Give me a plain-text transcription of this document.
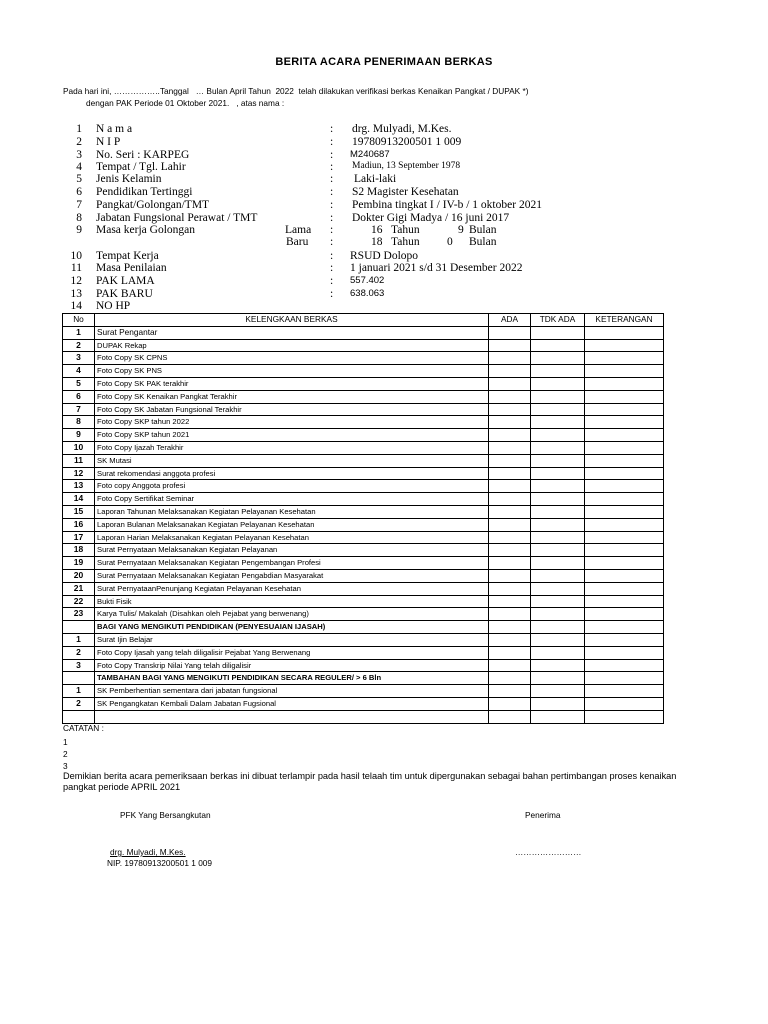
BERITA ACARA PENERIMAAN BERKAS
Pada hari ini, ……………..Tanggal   … Bulan April Tahun  2022  telah dilakukan verifikasi berkas Kenaikan Pangkat / DUPAK *)
dengan PAK Periode 01 Oktober 2021.   , atas nama :
1 N a m a	: drg. Mulyadi, M.Kes.
2 N I P	: 19780913200501 1 009
3 No. Seri : KARPEG	: M240687
4 Tempat / Tgl. Lahir	: Madiun, 13 September 1978
5 Jenis Kelamin	: Laki-laki
6 Pendidikan Tertinggi	: S2 Magister Kesehatan
7 Pangkat/Golongan/TMT	: Pembina tingkat I / IV-b / 1 oktober 2021
8 Jabatan Fungsional Perawat / TMT	: Dokter Gigi Madya / 16 juni 2017
9 Masa kerja Golongan	Lama :	16 Tahun	9 Bulan
Baru :	18 Tahun 0 Bulan
10 Tempat Kerja	: RSUD Dolopo
11 Masa Penilaian	: 1 januari 2021 s/d 31 Desember 2022
12 PAK LAMA	: 557.402
13 PAK BARU	: 638.063
14 NO HP
No	KELENGKAAN BERKAS	ADA	TDK ADA	KETERANGAN
1	Surat Pengantar			
2	DUPAK Rekap			
3	Foto Copy SK CPNS			
4	Foto Copy SK PNS			
5	Foto Copy SK PAK terakhir			
6	Foto Copy SK Kenaikan Pangkat Terakhir			
7	Foto Copy SK Jabatan Fungsional Terakhir			
8	Foto Copy SKP tahun 2022			
9	Foto Copy SKP tahun 2021			
10	Foto Copy Ijazah Terakhir			
11	SK Mutasi			
12	Surat rekomendasi anggota profesi			
13	Foto copy Anggota profesi			
14	Foto Copy Sertifikat Seminar			
15	Laporan Tahunan Melaksanakan Kegiatan Pelayanan Kesehatan			
16	Laporan Bulanan Melaksanakan Kegiatan Pelayanan Kesehatan			
17	Laporan Harian Melaksanakan Kegiatan Pelayanan Kesehatan			
18	Surat Pernyataan Melaksanakan Kegiatan Pelayanan			
19	Surat Pernyataan Melaksanakan Kegiatan Pengembangan Profesi			
20	Surat Pernyataan Melaksanakan Kegiatan Pengabdian Masyarakat			
21	Surat PernyataanPenunjang Kegiatan Pelayanan Kesehatan			
22	Bukti Fisik			
23	Karya Tulis/ Makalah (Disahkan oleh Pejabat yang berwenang)			
	BAGI YANG MENGIKUTI PENDIDIKAN (PENYESUAIAN IJASAH)			
1	Surat Ijin Belajar			
2	Foto Copy Ijasah yang telah diligalisir Pejabat Yang Berwenang			
3	Foto Copy Transkrip Nilai Yang telah diligalisir			
	TAMBAHAN BAGI YANG MENGIKUTI PENDIDIKAN SECARA REGULER/ > 6 Bln			
1	SK Pemberhentian sementara dari jabatan fungsional			
2	SK Pengangkatan Kembali Dalam Jabatan Fugsional			

CATATAN :
1
2
3
Demikian berita acara pemeriksaan berkas ini dibuat terlampir pada hasil telaah tim untuk dipergunakan sebagai bahan pertimbangan proses kenaikan pangkat periode APRIL 2021
PFK Yang Bersangkutan	Penerima
drg. Mulyadi, M.Kes.	……………………
NIP. 19780913200501 1 009
